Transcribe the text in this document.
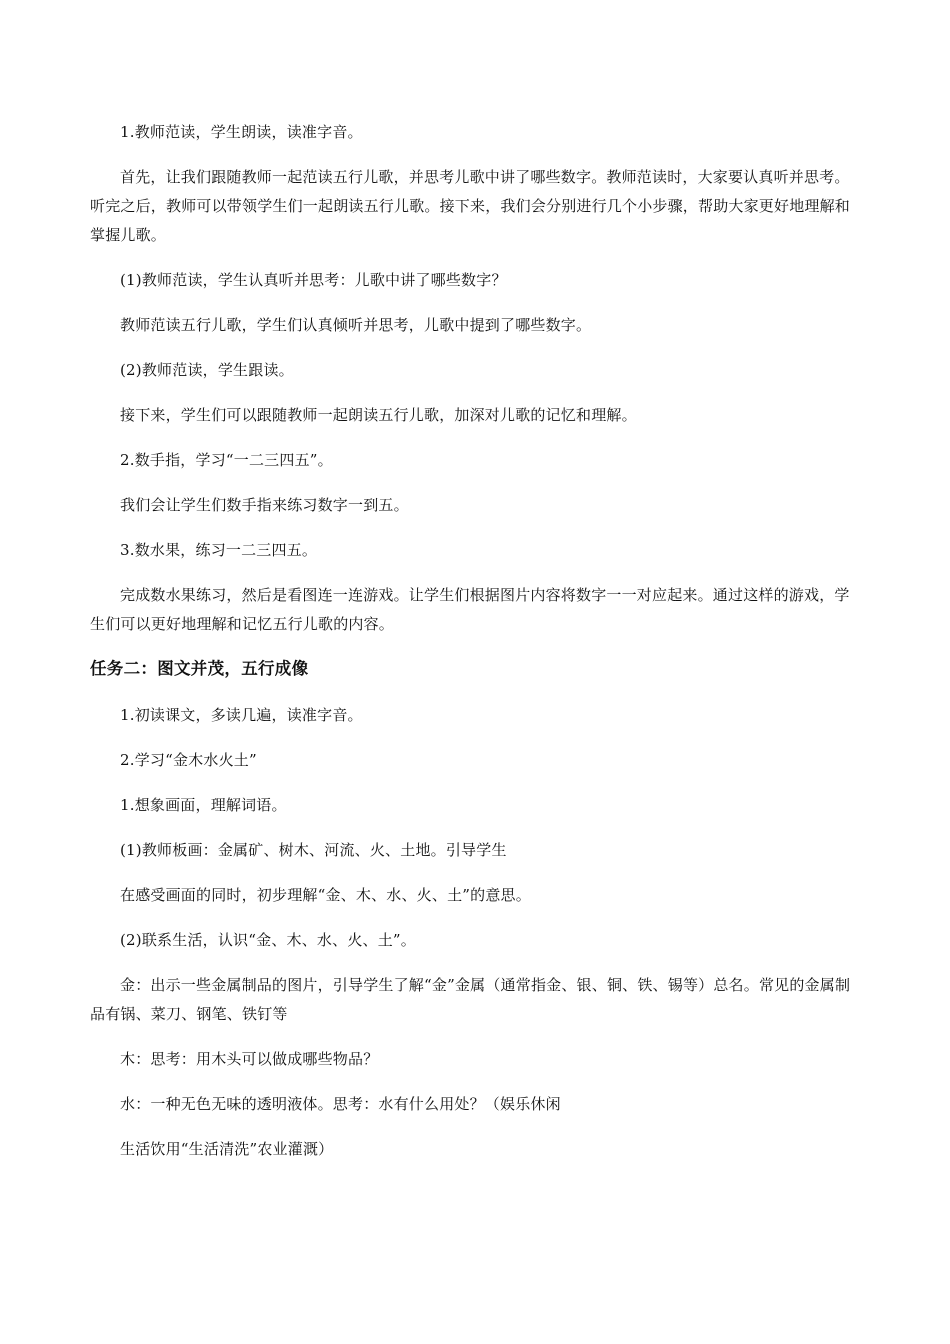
1.教师范读，学生朗读，读准字音。

首先，让我们跟随教师一起范读五行儿歌，并思考儿歌中讲了哪些数字。教师范读时，大家要认真听并思考。听完之后，教师可以带领学生们一起朗读五行儿歌。接下来，我们会分别进行几个小步骤，帮助大家更好地理解和掌握儿歌。

(1)教师范读，学生认真听并思考：儿歌中讲了哪些数字？

教师范读五行儿歌，学生们认真倾听并思考，儿歌中提到了哪些数字。

(2)教师范读，学生跟读。

接下来，学生们可以跟随教师一起朗读五行儿歌，加深对儿歌的记忆和理解。

2.数手指，学习“一二三四五”。

我们会让学生们数手指来练习数字一到五。

3.数水果，练习一二三四五。

完成数水果练习，然后是看图连一连游戏。让学生们根据图片内容将数字一一对应起来。通过这样的游戏，学生们可以更好地理解和记忆五行儿歌的内容。

任务二：图文并茂，五行成像

1.初读课文，多读几遍，读准字音。

2.学习“金木水火土”

1.想象画面，理解词语。

(1)教师板画：金属矿、树木、河流、火、土地。引导学生

在感受画面的同时，初步理解“金、木、水、火、土”的意思。

(2)联系生活，认识“金、木、水、火、土”。

金：出示一些金属制品的图片，引导学生了解“金”金属（通常指金、银、铜、铁、锡等）总名。常见的金属制品有锅、菜刀、钢笔、铁钉等

木：思考：用木头可以做成哪些物品？

水：一种无色无味的透明液体。思考：水有什么用处？（娱乐休闲

生活饮用“生活清洗”农业灌溉）
